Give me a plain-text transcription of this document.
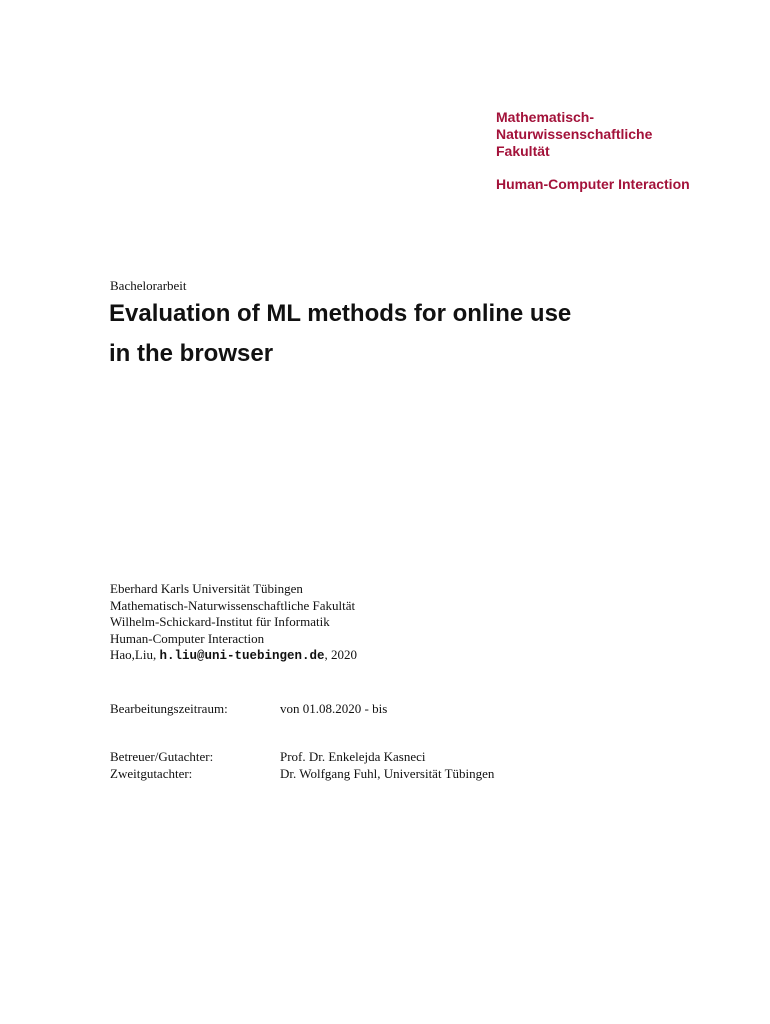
Mathematisch-
Naturwissenschaftliche
Fakultät
Human-Computer Interaction
Bachelorarbeit
Evaluation of ML methods for online use
in the browser
Eberhard Karls Universität Tübingen
Mathematisch-Naturwissenschaftliche Fakultät
Wilhelm-Schickard-Institut für Informatik
Human-Computer Interaction
Hao,Liu, h.liu@uni-tuebingen.de, 2020
Bearbeitungszeitraum:	von 01.08.2020 - bis
Betreuer/Gutachter:	Prof. Dr. Enkelejda Kasneci
Zweitgutachter:	Dr. Wolfgang Fuhl, Universität Tübingen
